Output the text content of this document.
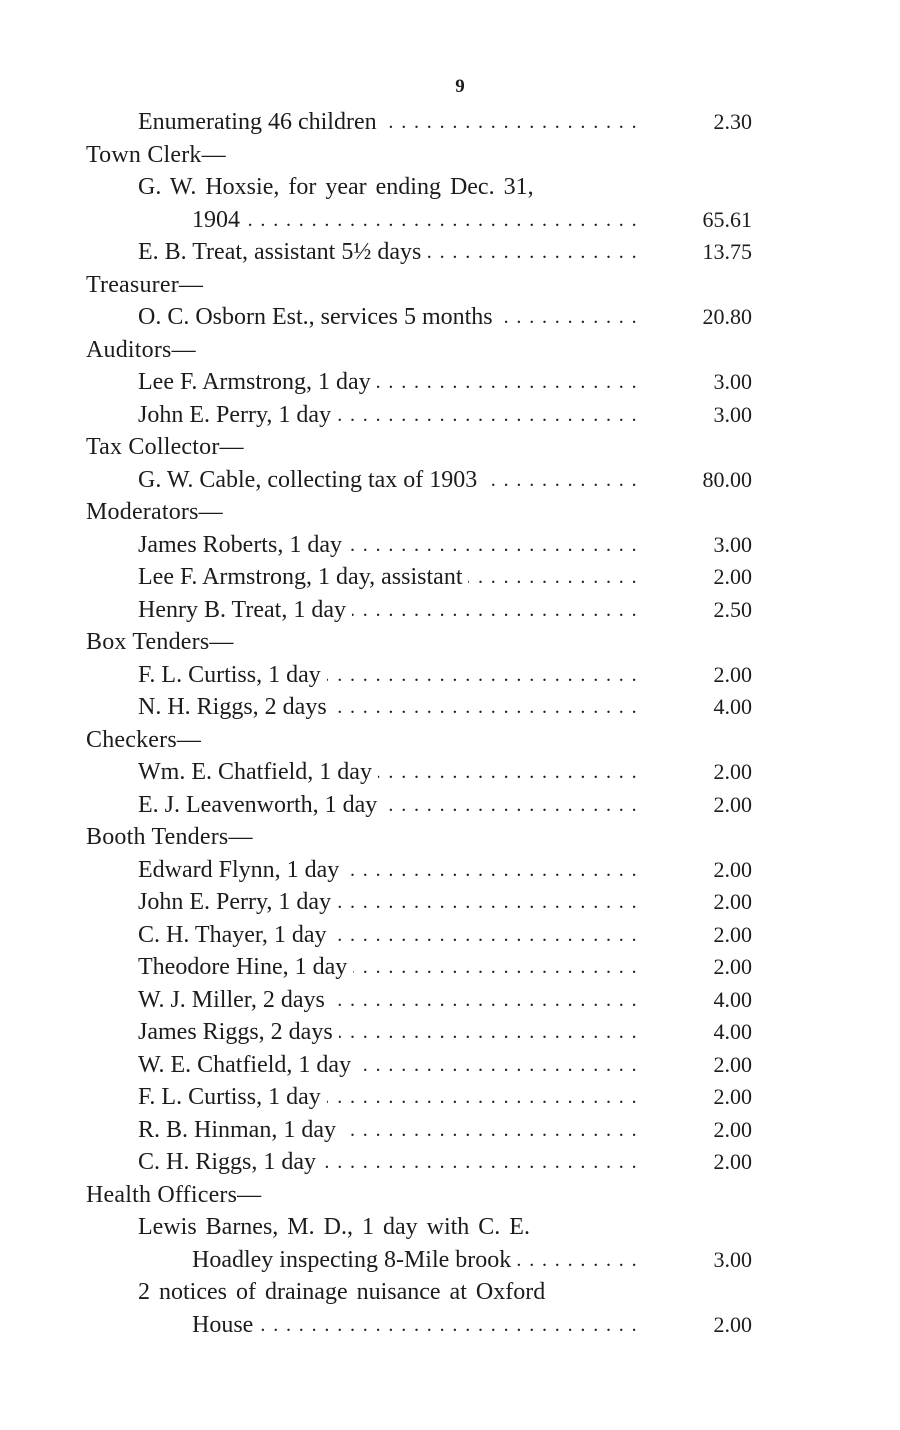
9
Enumerating 46 children . . .	2.30
Town Clerk—
G. W. Hoxsie, for year ending Dec. 31,
1904 . . .	65.61
E. B. Treat, assistant 5½ days . . .	13.75
Treasurer—
O. C. Osborn Est., services 5 months . . .	20.80
Auditors—
Lee F. Armstrong, 1 day . . .	3.00
John E. Perry, 1 day . . .	3.00
Tax Collector—
G. W. Cable, collecting tax of 1903 . . .	80.00
Moderators—
James Roberts, 1 day . . .	3.00
Lee F. Armstrong, 1 day, assistant . . .	2.00
Henry B. Treat, 1 day . . .	2.50
Box Tenders—
F. L. Curtiss, 1 day . . .	2.00
N. H. Riggs, 2 days . . .	4.00
Checkers—
Wm. E. Chatfield, 1 day . . .	2.00
E. J. Leavenworth, 1 day . . .	2.00
Booth Tenders—
Edward Flynn, 1 day . . .	2.00
John E. Perry, 1 day . . .	2.00
C. H. Thayer, 1 day . . .	2.00
Theodore Hine, 1 day . . .	2.00
W. J. Miller, 2 days . . .	4.00
James Riggs, 2 days . . .	4.00
W. E. Chatfield, 1 day . . .	2.00
F. L. Curtiss, 1 day . . .	2.00
R. B. Hinman, 1 day . . .	2.00
C. H. Riggs, 1 day . . .	2.00
Health Officers—
Lewis Barnes, M. D., 1 day with C. E.
Hoadley inspecting 8-Mile brook . . .	3.00
2 notices of drainage nuisance at Oxford
House . . .	2.00
